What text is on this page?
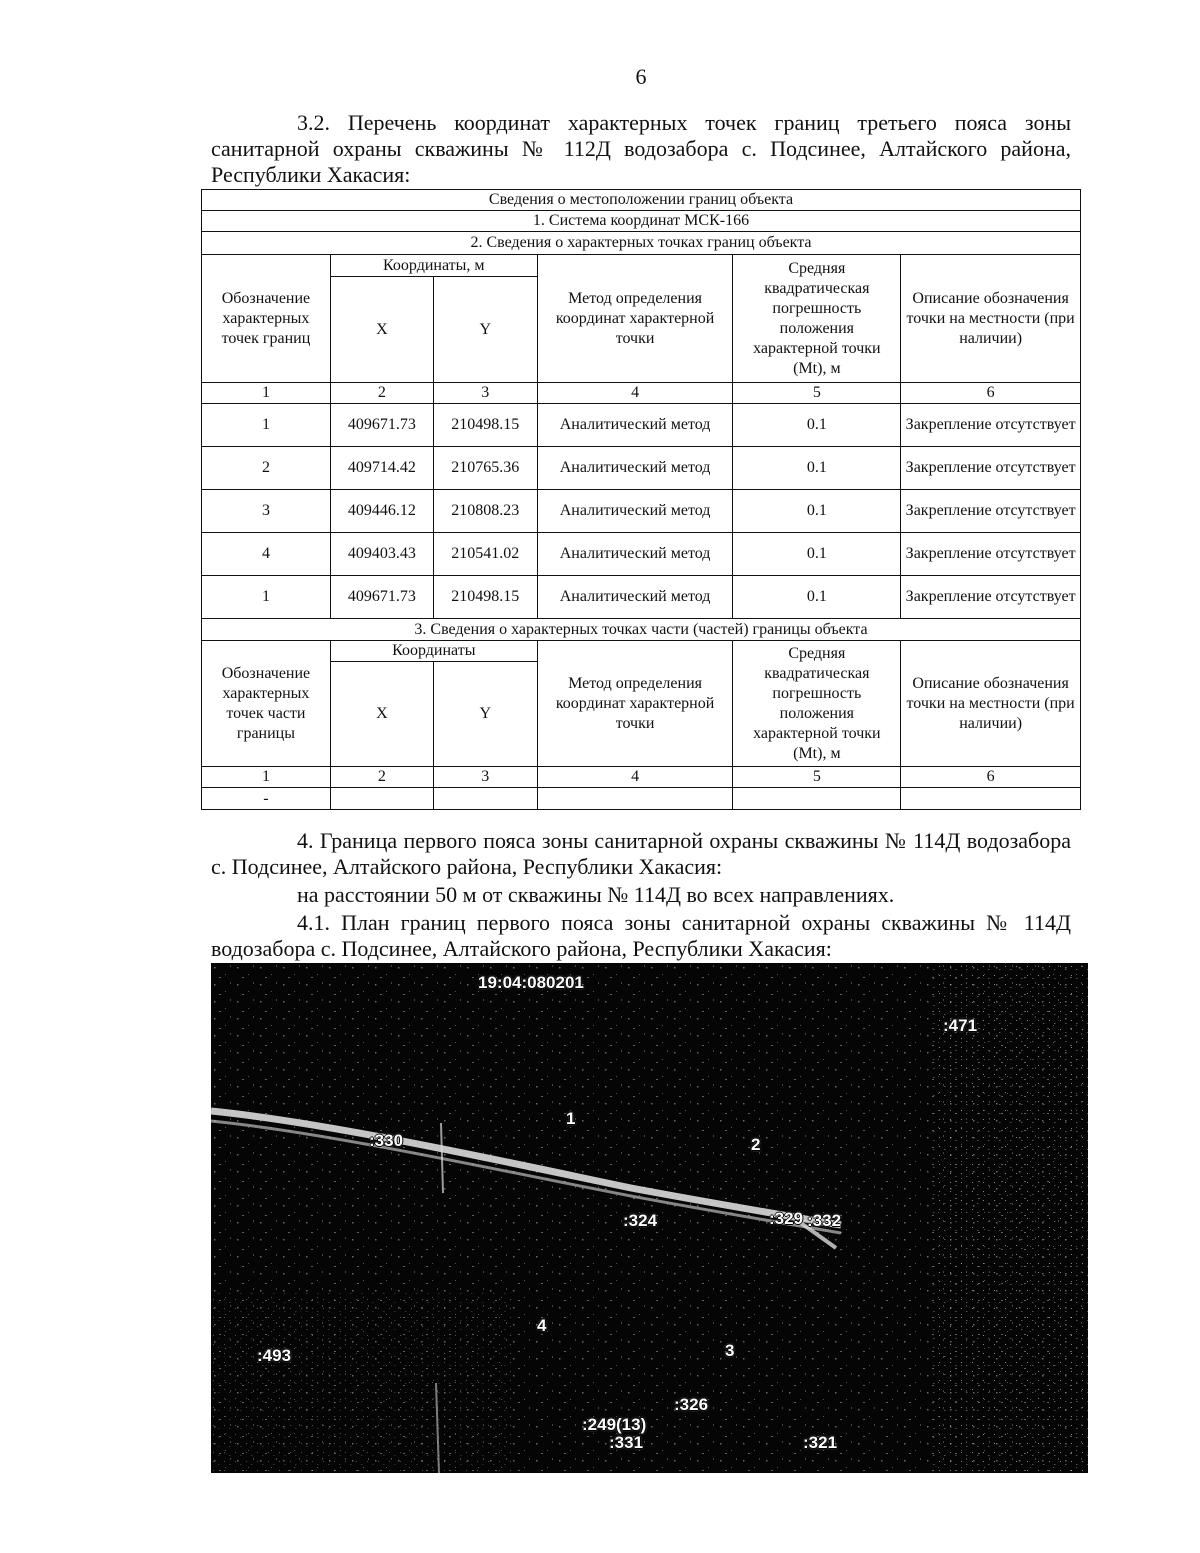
6

3.2. Перечень координат характерных точек границ третьего пояса зоны санитарной охраны скважины № 112Д водозабора с. Подсинее, Алтайского района, Республики Хакасия:

Сведения о местоположении границ объекта					
1. Система координат МСК-166					
2. Сведения о характерных точках границ объекта					
Обозначение характерных точек границ	Координаты, м		Метод определения координат характерной точки	Средняя квадратическая погрешность положения характерной точки (Mt), м	Описание обозначения точки на местности (при наличии)
	X	Y			
1	2	3	4	5	6
1	409671.73	210498.15	Аналитический метод	0.1	Закрепление отсутствует
2	409714.42	210765.36	Аналитический метод	0.1	Закрепление отсутствует
3	409446.12	210808.23	Аналитический метод	0.1	Закрепление отсутствует
4	409403.43	210541.02	Аналитический метод	0.1	Закрепление отсутствует
1	409671.73	210498.15	Аналитический метод	0.1	Закрепление отсутствует
3. Сведения о характерных точках части (частей) границы объекта					
Обозначение характерных точек части границы	Координаты		Метод определения координат характерной точки	Средняя квадратическая погрешность положения характерной точки (Mt), м	Описание обозначения точки на местности (при наличии)
	X	Y			
1	2	3	4	5	6
-					

4. Граница первого пояса зоны санитарной охраны скважины № 114Д водозабора с. Подсинее, Алтайского района, Республики Хакасия:

на расстоянии 50 м от скважины № 114Д во всех направлениях.

4.1. План границ первого пояса зоны санитарной охраны скважины № 114Д водозабора с. Подсинее, Алтайского района, Республики Хакасия:

19:04:080201
:471
:330
1
2
:324	:329 :332
4
3
:493
:326
:249(13)
:331	:321
